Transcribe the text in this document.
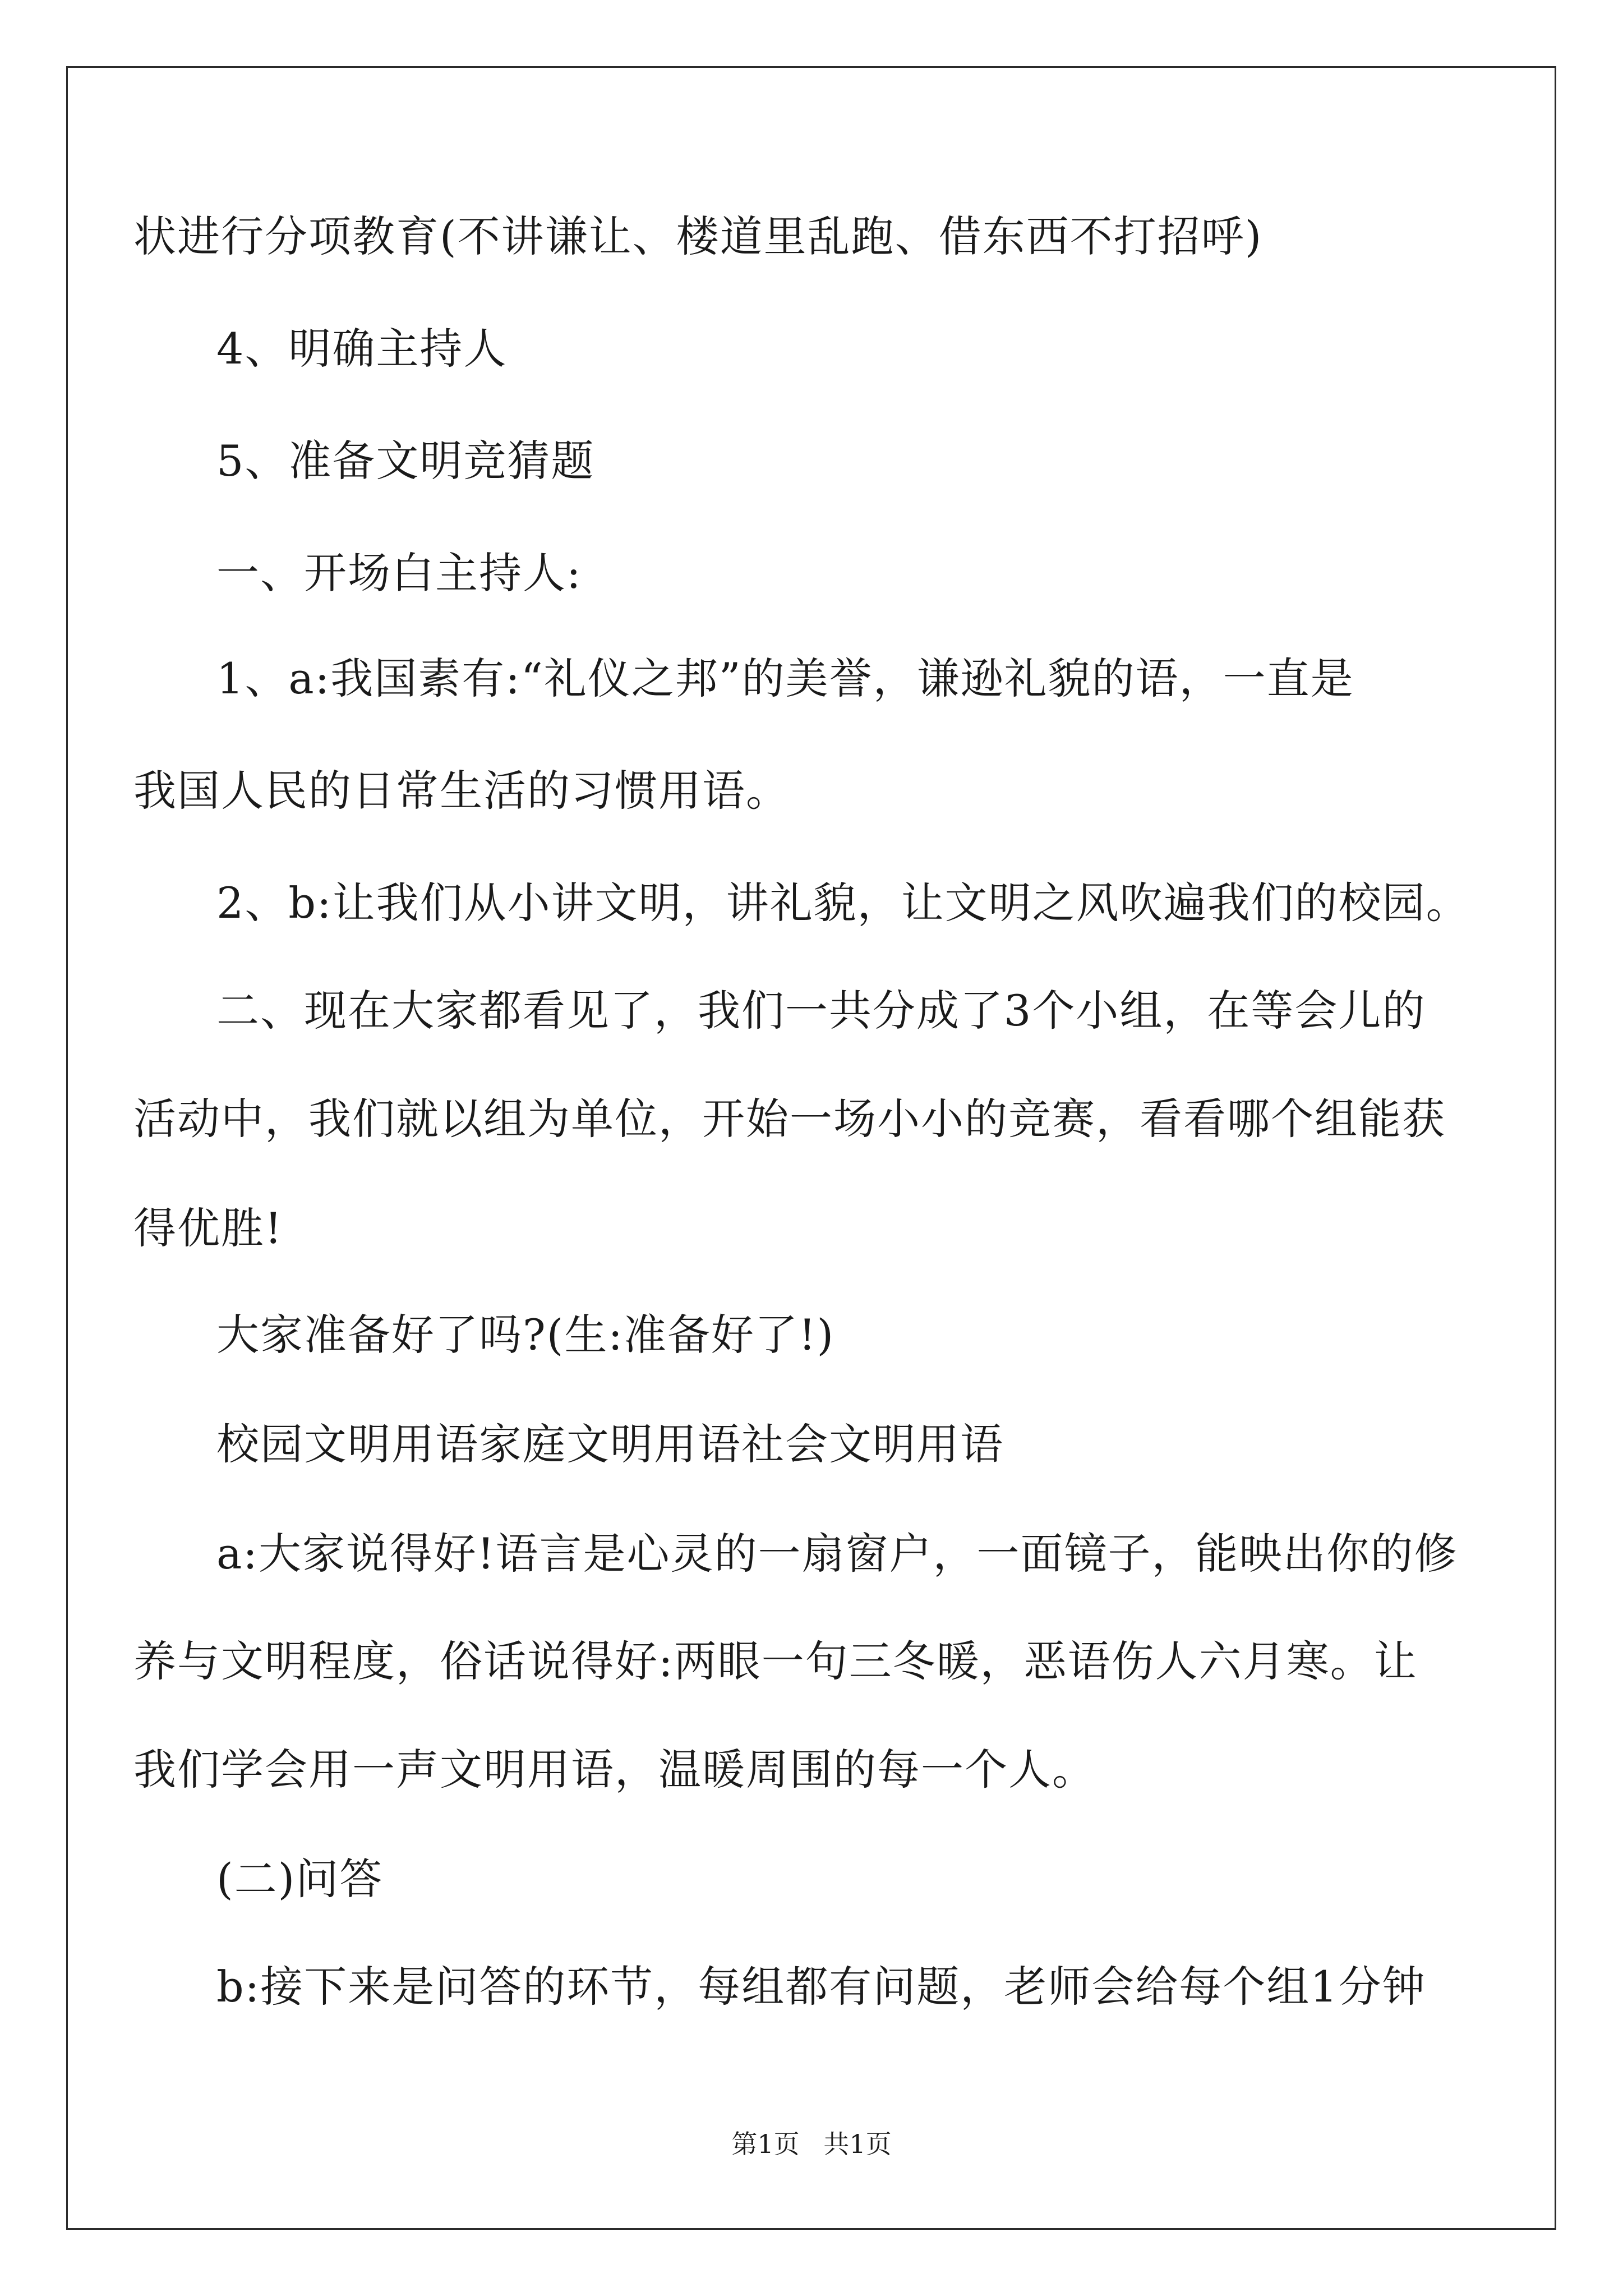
状进行分项教育(不讲谦让、楼道里乱跑、借东西不打招呼)
4、明确主持人
5、准备文明竞猜题
一、开场白主持人:
1、a:我国素有:“礼仪之邦”的美誉，谦逊礼貌的语，一直是
我国人民的日常生活的习惯用语。
2、b:让我们从小讲文明，讲礼貌，让文明之风吹遍我们的校园。
二、现在大家都看见了，我们一共分成了3个小组，在等会儿的
活动中，我们就以组为单位，开始一场小小的竞赛，看看哪个组能获
得优胜!
大家准备好了吗?(生:准备好了!)
校园文明用语家庭文明用语社会文明用语
a:大家说得好!语言是心灵的一扇窗户，一面镜子，能映出你的修
养与文明程度，俗话说得好:两眼一句三冬暖，恶语伤人六月寒。让
我们学会用一声文明用语，温暖周围的每一个人。
(二)问答
b:接下来是问答的环节，每组都有问题，老师会给每个组1分钟
第1页 共1页
